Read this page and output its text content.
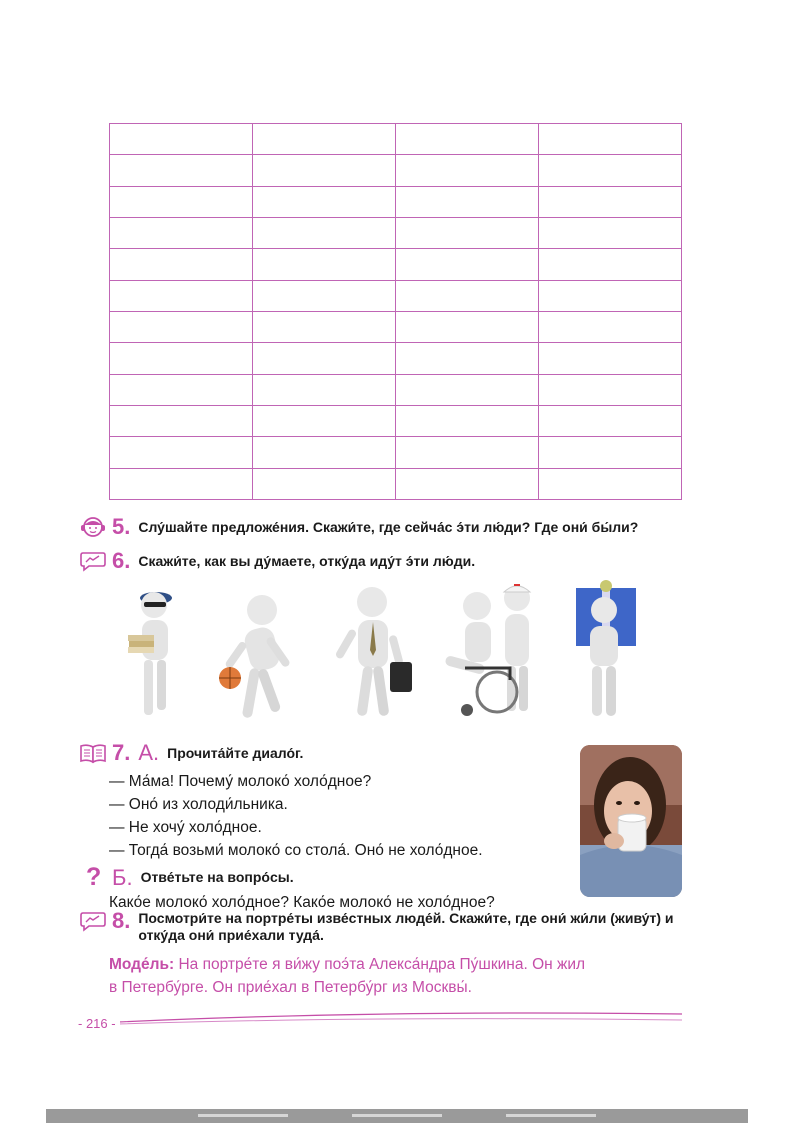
5. Слу́шайте предложе́ния. Скажи́те, где сейча́с э́ти лю́ди? Где они́ бы́ли?
6. Скажи́те, как вы ду́маете, отку́да иду́т э́ти лю́ди.
7. А. Прочита́йте диало́г.
— Ма́ма! Почему́ молоко́ холо́дное?
— Оно́ из холоди́льника.
— Не хочу́ холо́дное.
— Тогда́ возьми́ молоко́ со стола́. Оно́ не холо́дное.
? Б. Отве́тьте на вопро́сы.
Како́е молоко́ холо́дное? Како́е молоко́ не холо́дное?
8. Посмотри́те на портре́ты изве́стных люде́й. Скажи́те, где они́ жи́ли (живу́т) и отку́да они́ прие́хали туда́.
Моде́ль: На портре́те я ви́жу поэ́та Алекса́ндра Пу́шкина. Он жил
в Петербу́рге. Он прие́хал в Петербу́рг из Москвы́.
- 216 -
